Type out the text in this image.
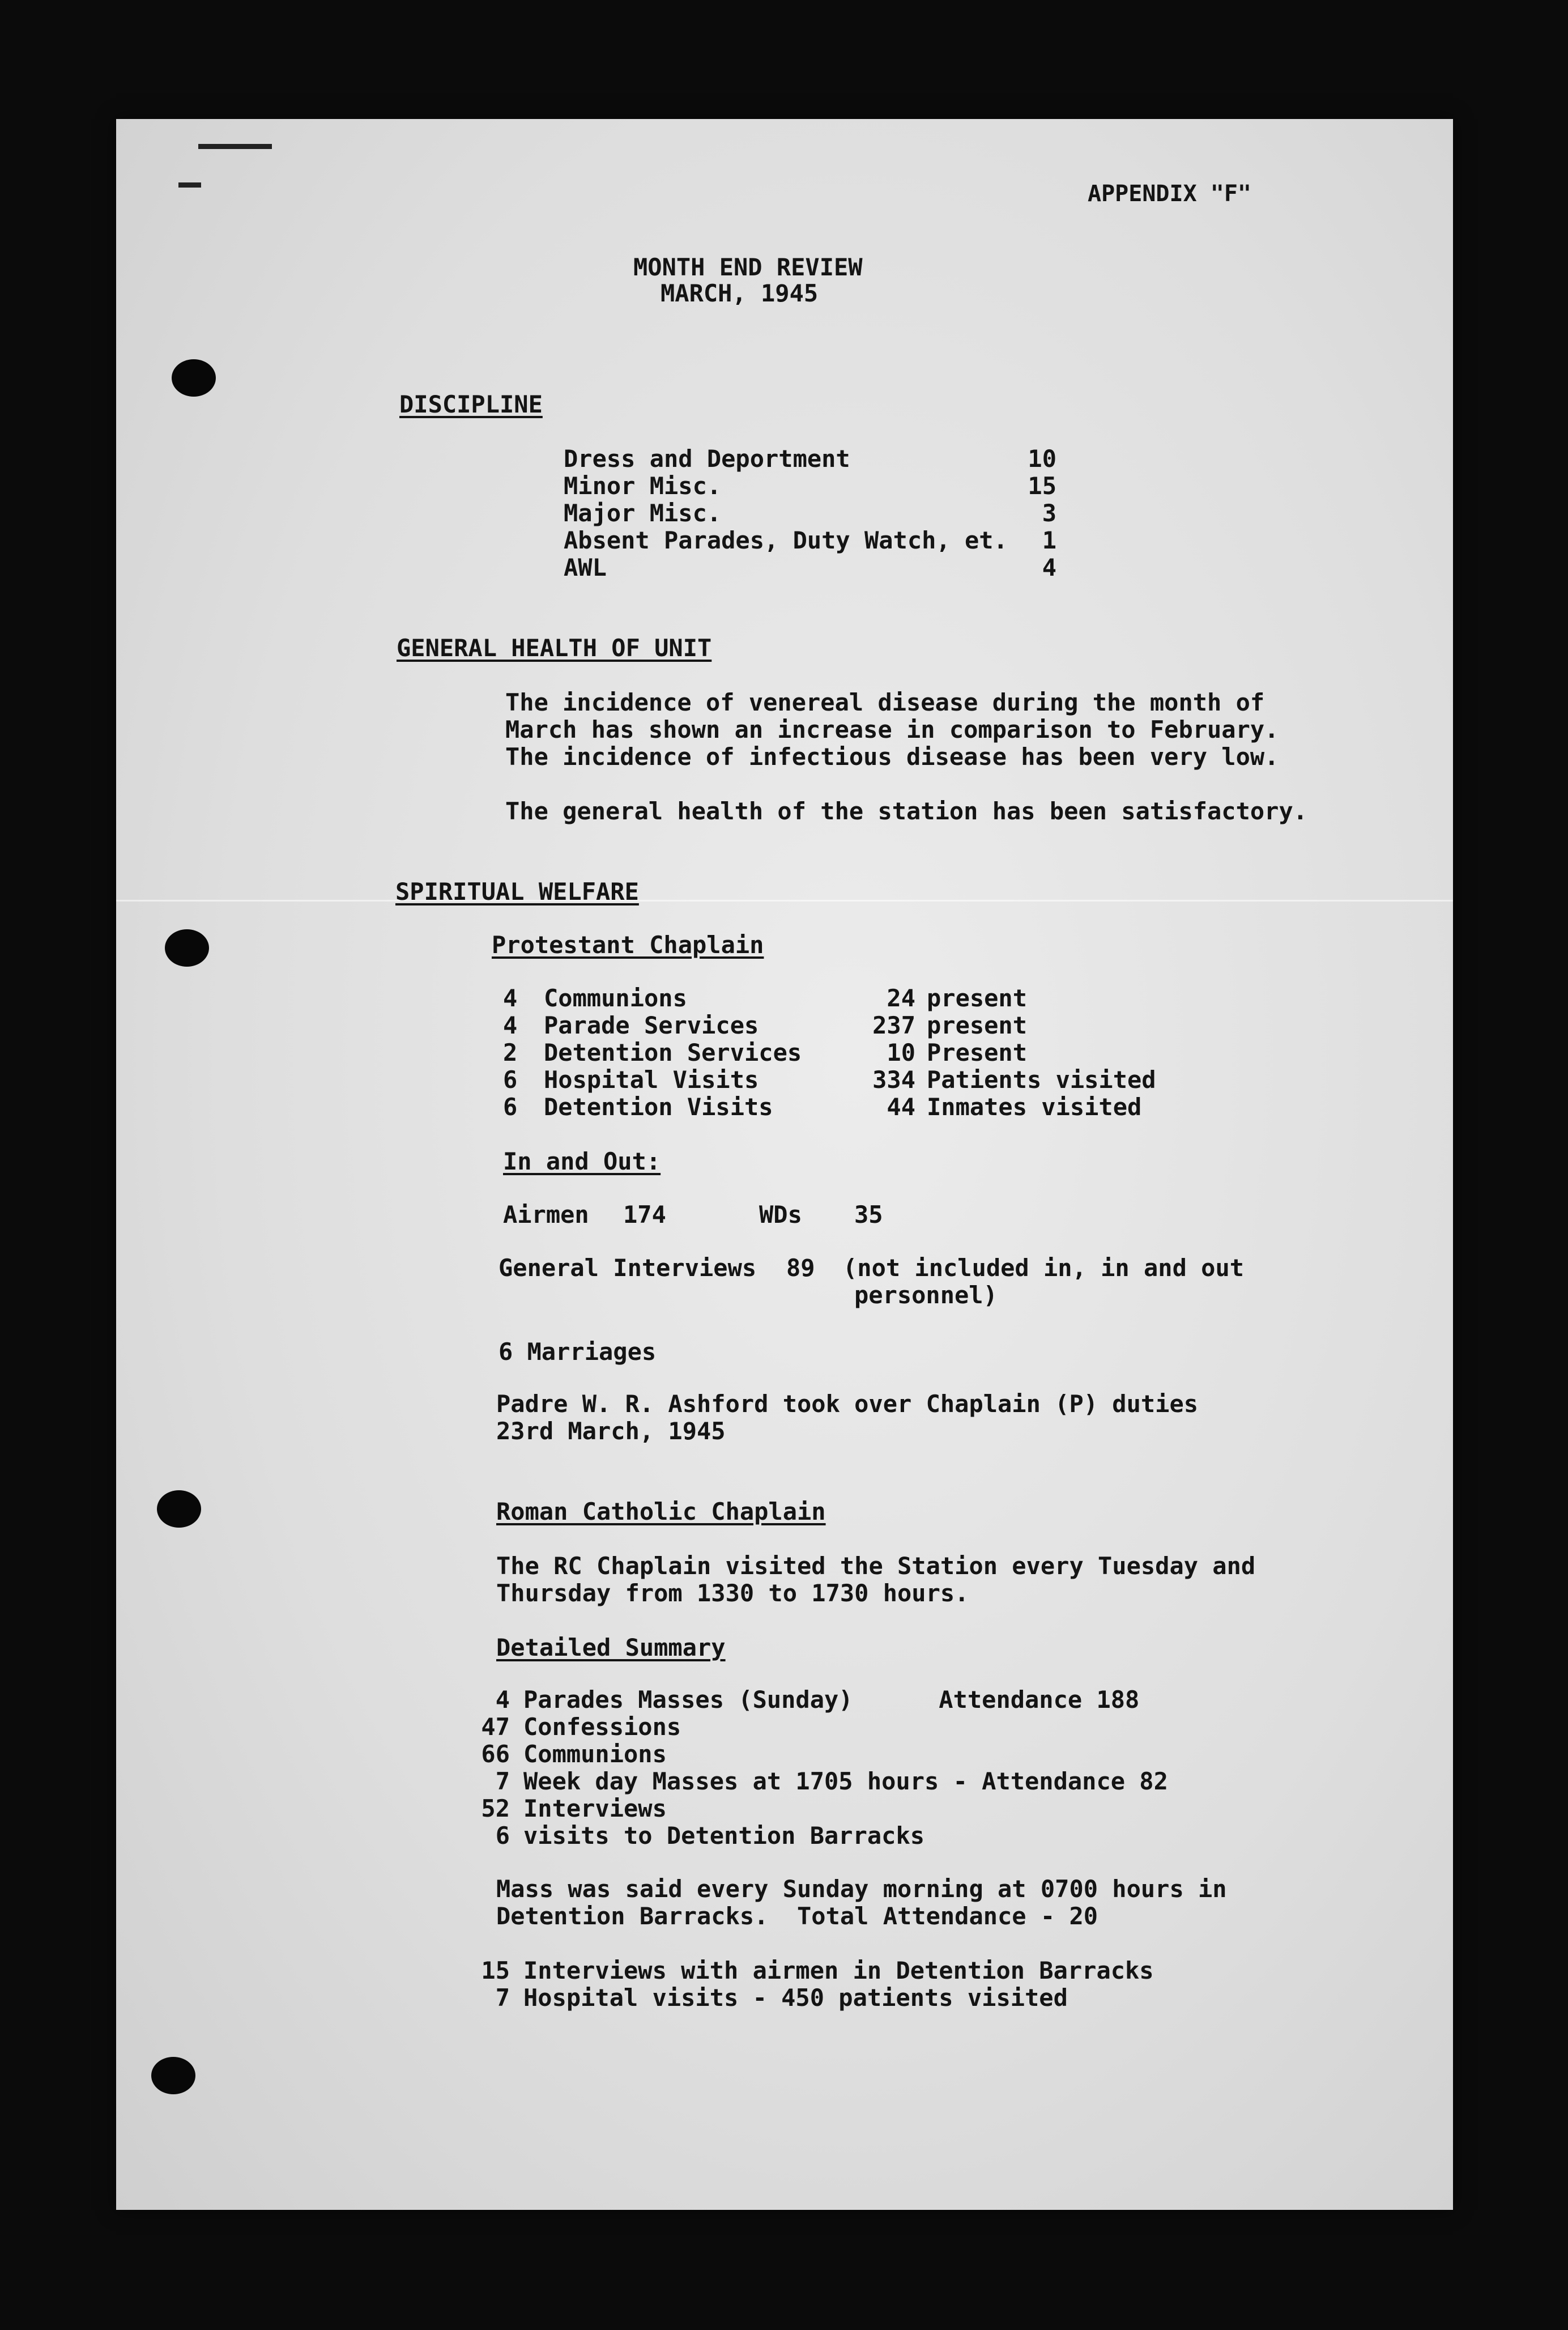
APPENDIX "F"
MONTH END REVIEW
MARCH, 1945
DISCIPLINE
Dress and Deportment	10
Minor Misc.	15
Major Misc.	3
Absent Parades, Duty Watch, et.	1
AWL	4
GENERAL HEALTH OF UNIT
The incidence of venereal disease during the month of
March has shown an increase in comparison to February.
The incidence of infectious disease has been very low.
The general health of the station has been satisfactory.
SPIRITUAL WELFARE
Protestant Chaplain
4 Communions	24 present
4 Parade Services	237 present
2 Detention Services	10 Present
6 Hospital Visits	334 Patients visited
6 Detention Visits	44 Inmates visited
In and Out:
Airmen 174	WDs 35
General Interviews 89 (not included in, in and out
personnel)
6 Marriages
Padre W. R. Ashford took over Chaplain (P) duties
23rd March, 1945
Roman Catholic Chaplain
The RC Chaplain visited the Station every Tuesday and
Thursday from 1330 to 1730 hours.
Detailed Summary
4 Parades Masses (Sunday)      Attendance 188
47 Confessions
66 Communions
7 Week day Masses at 1705 hours - Attendance 82
52 Interviews
6 visits to Detention Barracks
Mass was said every Sunday morning at 0700 hours in
Detention Barracks.  Total Attendance - 20
15 Interviews with airmen in Detention Barracks
7 Hospital visits - 450 patients visited
